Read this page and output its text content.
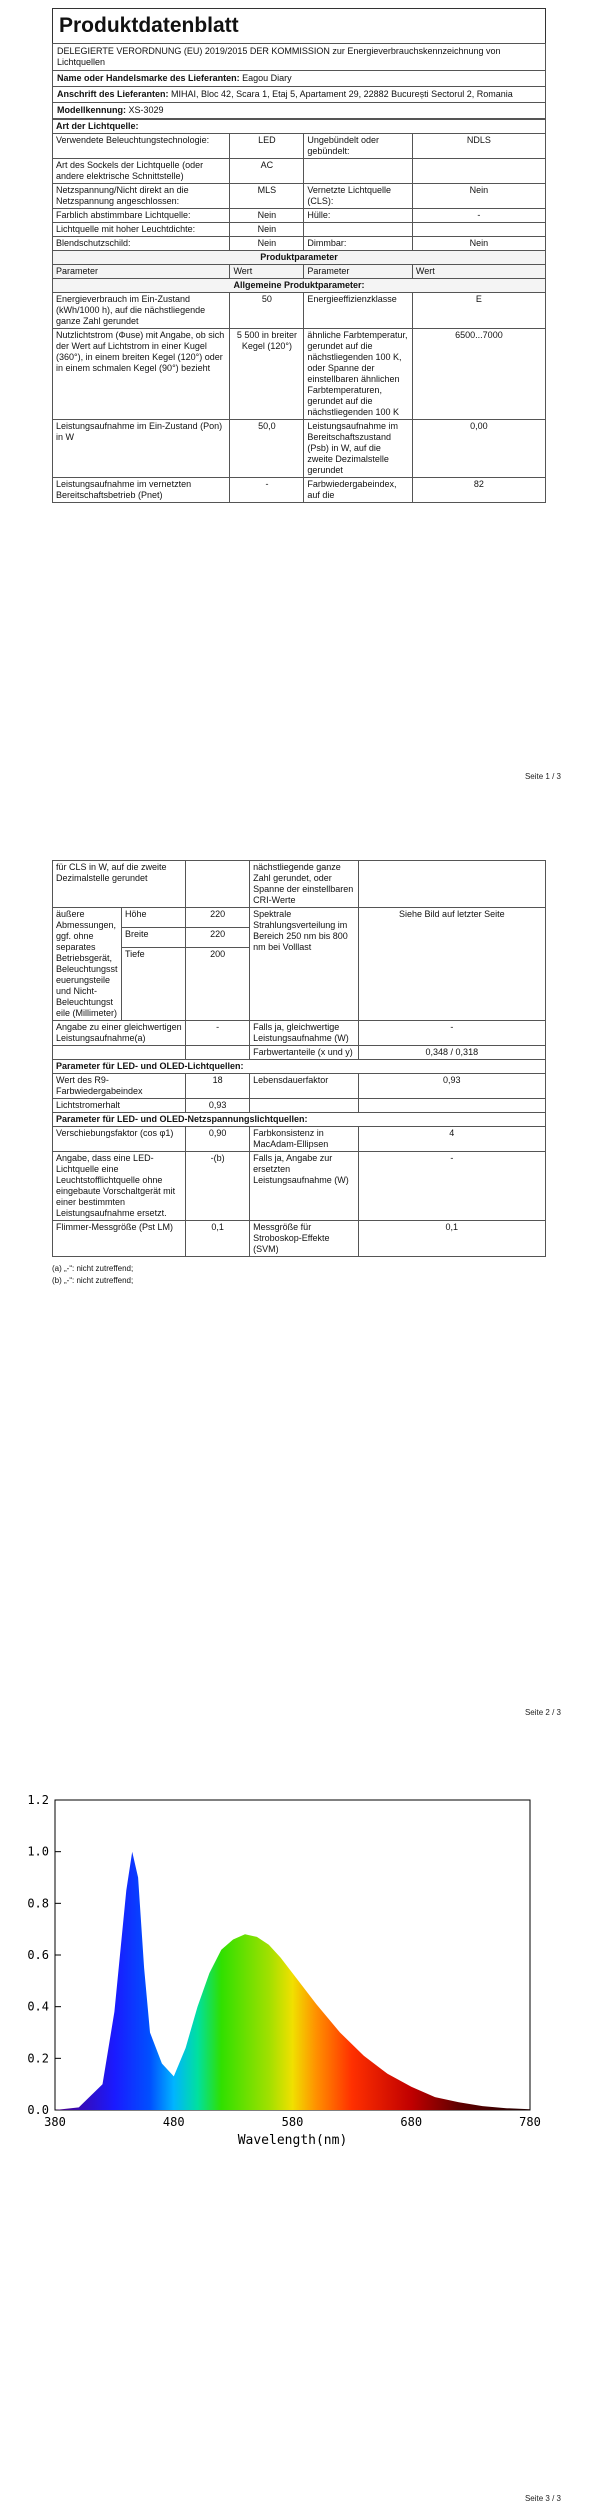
Produktdatenblatt
DELEGIERTE VERORDNUNG (EU) 2019/2015 DER KOMMISSION zur Energieverbrauchskennzeichnung von Lichtquellen
Name oder Handelsmarke des Lieferanten: Eagou Diary
Anschrift des Lieferanten: MIHAI, Bloc 42, Scara 1, Etaj 5, Apartament 29, 22882 București Sectorul 2, Romania
Modellkennung: XS-3029
Art der Lichtquelle:			
Verwendete Beleuchtungstechnologie:	LED	Ungebündelt oder gebündelt:	NDLS
Art des Sockels der Lichtquelle (oder andere elektrische Schnittstelle)	AC		
Netzspannung/Nicht direkt an die Netzspannung angeschlossen:	MLS	Vernetzte Lichtquelle (CLS):	Nein
Farblich abstimmbare Lichtquelle:	Nein	Hülle:	-
Lichtquelle mit hoher Leuchtdichte:	Nein		
Blendschutzschild:	Nein	Dimmbar:	Nein
Produktparameter			
Parameter	Wert	Parameter	Wert
Allgemeine Produktparameter:			
Energieverbrauch im Ein-Zustand (kWh/1000 h), auf die nächstliegende ganze Zahl gerundet	50	Energieeffizienzklasse	E
Nutzlichtstrom (Φuse) mit Angabe, ob sich der Wert auf Lichtstrom in einer Kugel (360°), in einem breiten Kegel (120°) oder in einem schmalen Kegel (90°) bezieht	5 500 in breiter Kegel (120°)	ähnliche Farbtemperatur, gerundet auf die nächstliegenden 100 K, oder Spanne der einstellbaren ähnlichen Farbtemperaturen, gerundet auf die nächstliegenden 100 K	6500...7000
Leistungsaufnahme im Ein-Zustand (Pon) in W	50,0	Leistungsaufnahme im Bereitschaftszustand (Psb) in W, auf die zweite Dezimalstelle gerundet	0,00
Leistungsaufnahme im vernetzten Bereitschaftsbetrieb (Pnet)	-	Farbwiedergabeindex, auf die	82
Seite 1 / 3
für CLS in W, auf die zweite Dezimalstelle gerundet			nächstliegende ganze Zahl gerundet, oder Spanne der einstellbaren CRI-Werte	
äußere Abmessungen, ggf. ohne separates Betriebsgerät, Beleuchtungssteuerungsteile und Nicht-Beleuchtungsteile (Millimeter)	Höhe	220	Spektrale Strahlungsverteilung im Bereich 250 nm bis 800 nm bei Volllast	Siehe Bild auf letzter Seite
	Breite	220		
	Tiefe	200		
Angabe zu einer gleichwertigen Leistungsaufnahme(a)		-	Falls ja, gleichwertige Leistungsaufnahme (W)	-
			Farbwertanteile (x und y)	0,348 / 0,318
Parameter für LED- und OLED-Lichtquellen:				
Wert des R9-Farbwiedergabeindex		18	Lebensdauerfaktor	0,93
Lichtstromerhalt		0,93		
Parameter für LED- und OLED-Netzspannungslichtquellen:				
Verschiebungsfaktor (cos φ1)		0,90	Farbkonsistenz in MacAdam-Ellipsen	4
Angabe, dass eine LED-Lichtquelle eine Leuchtstofflichtquelle ohne eingebaute Vorschaltgerät mit einer bestimmten Leistungsaufnahme ersetzt.		-(b)	Falls ja, Angabe zur ersetzten Leistungsaufnahme (W)	-
Flimmer-Messgröße (Pst LM)		0,1	Messgröße für Stroboskop-Effekte (SVM)	0,1
(a) „-“: nicht zutreffend;
(b) „-“: nicht zutreffend;
Seite 2 / 3
0.0
0.2
0.4
0.6
0.8
1.0
1.2
380	480	580	680	780
Wavelength(nm)
Seite 3 / 3
